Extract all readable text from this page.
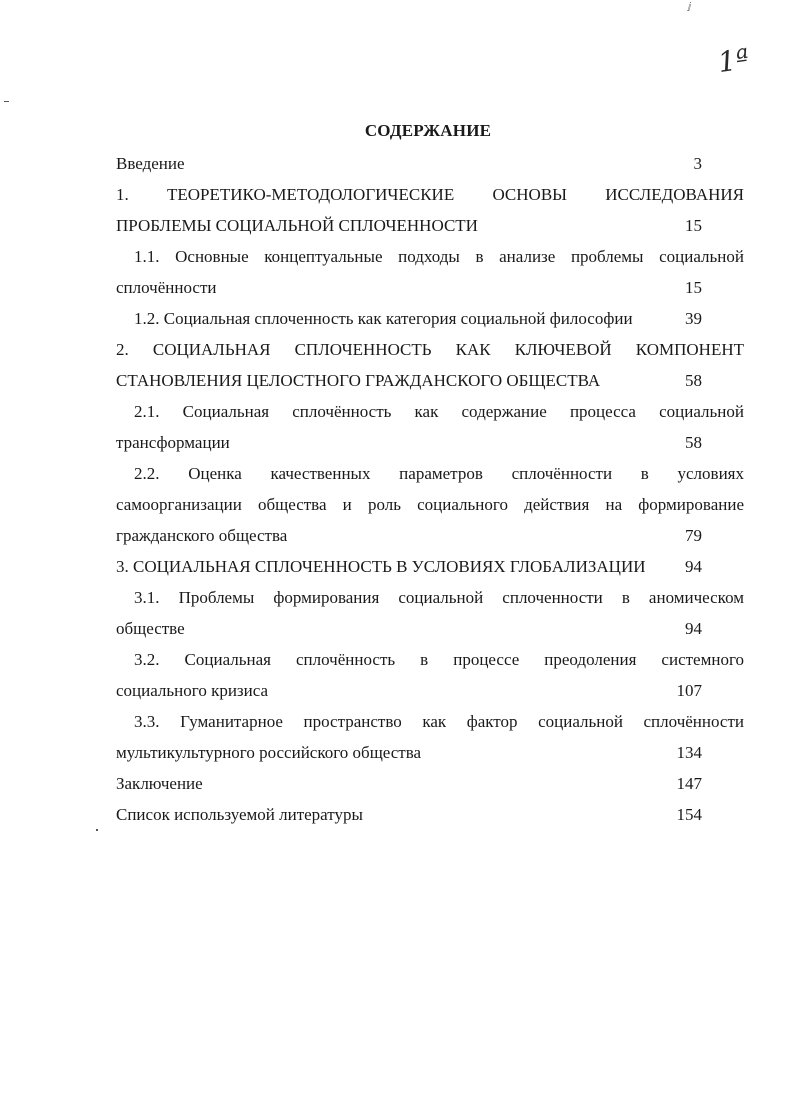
ⅉ
1ª
СОДЕРЖАНИЕ
Введение	3
1. ТЕОРЕТИКО-МЕТОДОЛОГИЧЕСКИЕ ОСНОВЫ ИССЛЕДОВАНИЯ
ПРОБЛЕМЫ СОЦИАЛЬНОЙ СПЛОЧЕННОСТИ	15
1.1. Основные концептуальные подходы в анализе проблемы социальной
сплочённости	15
1.2. Социальная сплоченность как категория социальной философии	39
2. СОЦИАЛЬНАЯ СПЛОЧЕННОСТЬ КАК КЛЮЧЕВОЙ КОМПОНЕНТ
СТАНОВЛЕНИЯ ЦЕЛОСТНОГО ГРАЖДАНСКОГО ОБЩЕСТВА	58
2.1. Социальная сплочённость как содержание процесса социальной
трансформации	58
2.2. Оценка качественных параметров сплочённости в условиях
самоорганизации общества и роль социального действия на формирование
гражданского общества	79
3. СОЦИАЛЬНАЯ СПЛОЧЕННОСТЬ В УСЛОВИЯХ ГЛОБАЛИЗАЦИИ	94
3.1. Проблемы формирования социальной сплоченности в аномическом
обществе	94
3.2. Социальная сплочённость в процессе преодоления системного
социального кризиса	107
3.3. Гуманитарное пространство как фактор социальной сплочённости
мультикультурного российского общества	134
Заключение	147
Список используемой литературы	154
